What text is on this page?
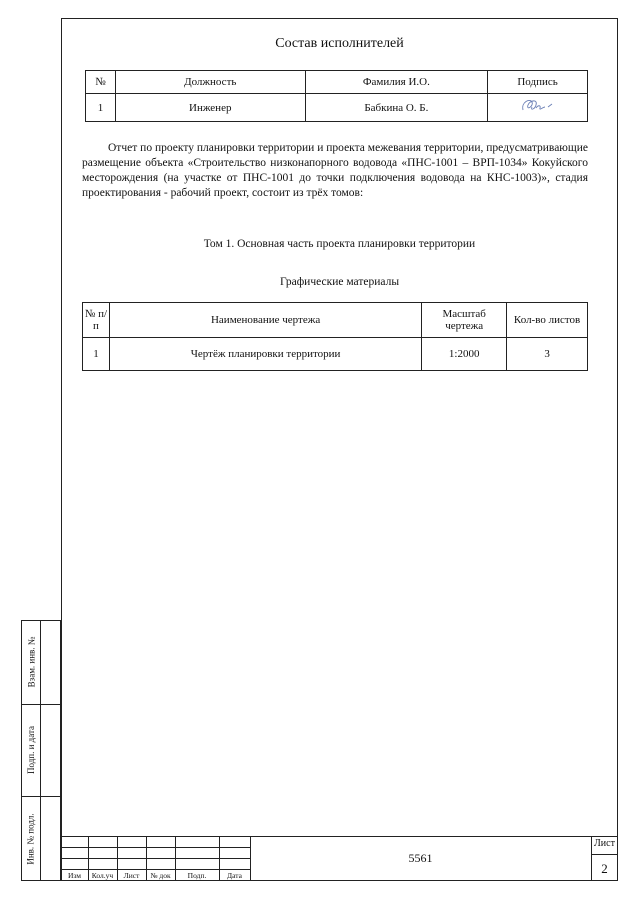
Взам. инв. №
Подп. и дата
Инв. № подл.
Состав исполнителей
№	Должность	Фамилия И.О.	Подпись
1	Инженер	Бабкина О. Б.	

Отчет по проекту планировки территории и проекта межевания территории, предусматривающие размещение объекта «Строительство низконапорного водовода «ПНС-1001 – ВРП-1034» Кокуйского месторождения (на участке от ПНС-1001 до точки подключения водовода на КНС-1003)», стадия проектирования - рабочий проект, состоит из трёх томов:

Том 1. Основная часть проекта планировки территории
Графические материалы
№ п/п	Наименование чертежа	Масштаб чертежа	Кол-во листов
1	Чертёж планировки территории	1:2000	3
Изм	Кол.уч	Лист	№ док	Подп.	Дата
5561
Лист
2
